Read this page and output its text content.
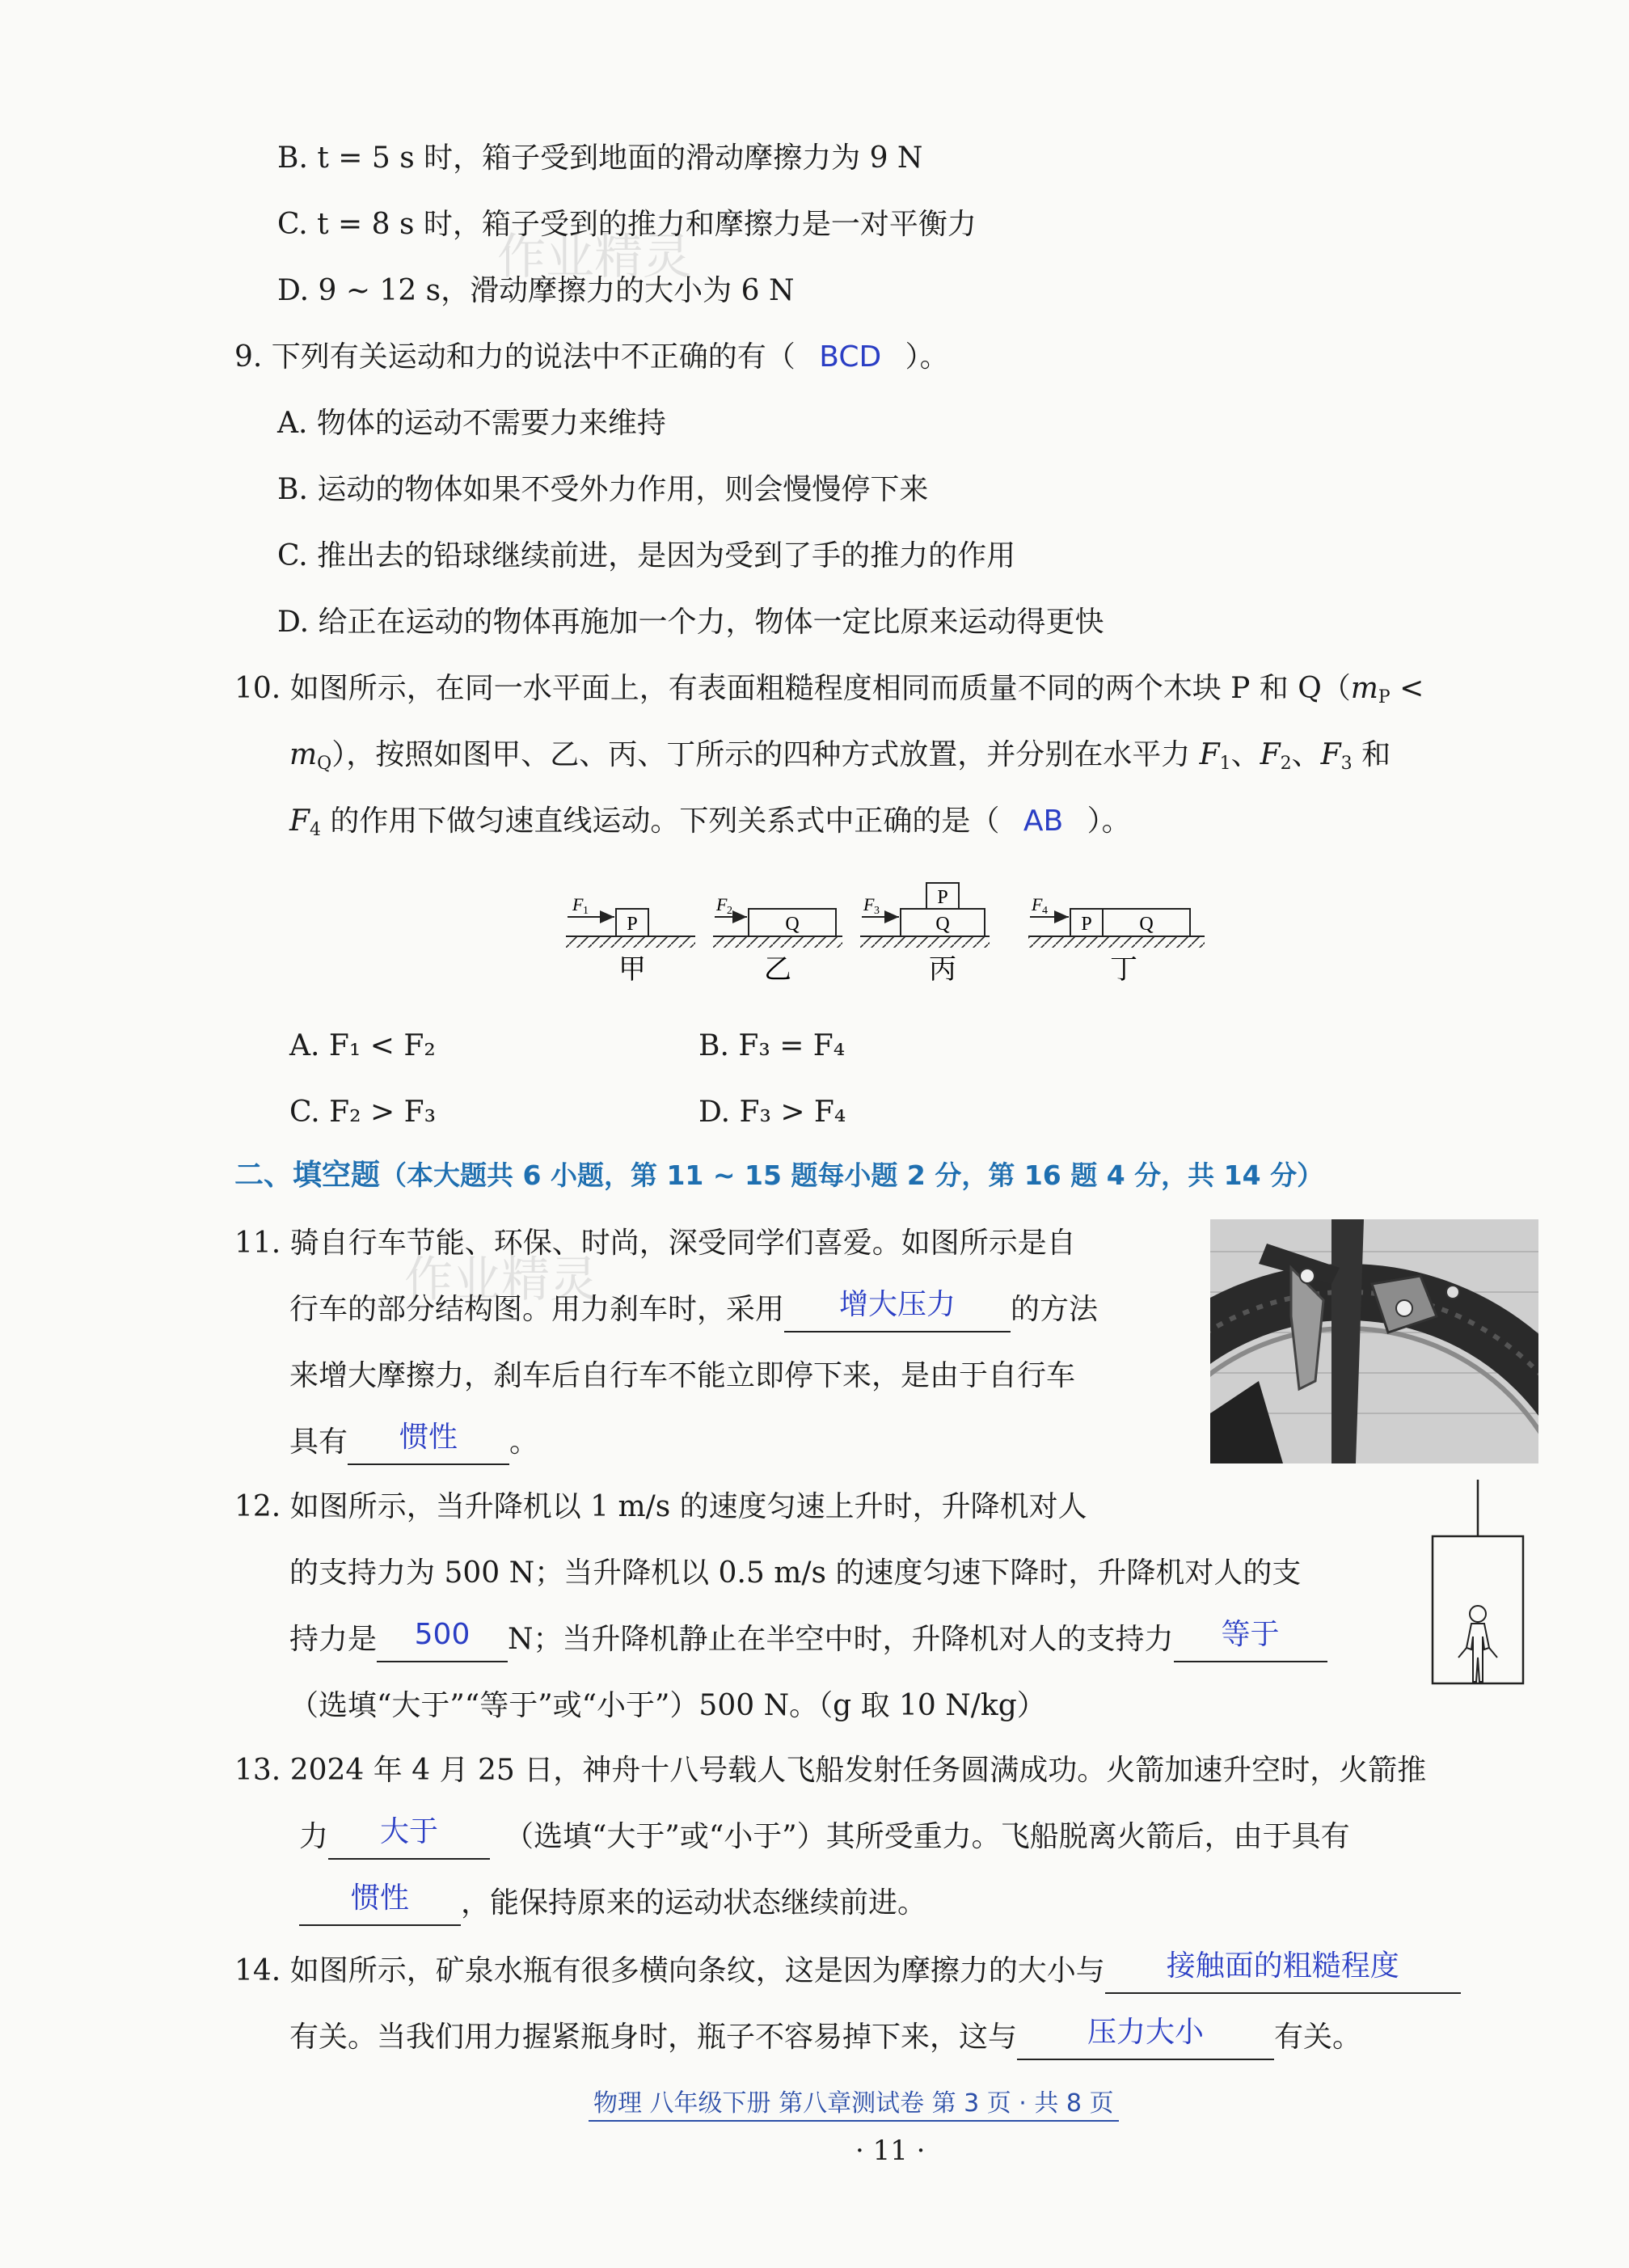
作业精灵
作业精灵
B. t = 5 s 时，箱子受到地面的滑动摩擦力为 9 N
C. t = 8 s 时，箱子受到的推力和摩擦力是一对平衡力
D. 9 ~ 12 s，滑动摩擦力的大小为 6 N
9. 下列有关运动和力的说法中不正确的有（ BCD ）。
A. 物体的运动不需要力来维持
B. 运动的物体如果不受外力作用，则会慢慢停下来
C. 推出去的铅球继续前进，是因为受到了手的推力的作用
D. 给正在运动的物体再施加一个力，物体一定比原来运动得更快
10. 如图所示，在同一水平面上，有表面粗糙程度相同而质量不同的两个木块 P 和 $Q(m_P$ <
$m_Q$），按照如图甲、乙、丙、丁所示的四种方式放置，并分别在水平力 $F_1$、$F_2$、$F_3$ 和
$F_4$ 的作用下做匀速直线运动。下列关系式中正确的是（ AB ）。
P
F 1
甲
Q
F 2
乙
Q
P
F 3
丙
P Q
F 4
丁
A. F₁ < F₂	B. F₃ = F₄
C. F₂ > F₃	D. F₃ > F₄
二、填空题（本大题共 6 小题，第 11 ~ 15 题每小题 2 分，第 16 题 4 分，共 14 分）
11. 骑自行车节能、环保、时尚，深受同学们喜爱。如图所示是自
行车的部分结构图。用力刹车时，采用 增大压力 的方法
来增大摩擦力，刹车后自行车不能立即停下来，是由于自行车
具有 惯性 。
12. 如图所示，当升降机以 1 m/s 的速度匀速上升时，升降机对人
的支持力为 500 N；当升降机以 0.5 m/s 的速度匀速下降时，升降机对人的支
持力是 500 N；当升降机静止在半空中时，升降机对人的支持力 等于
（选填“大于”“等于”或“小于”）500 N。（g 取 10 N/kg）
13. 2024 年 4 月 25 日，神舟十八号载人飞船发射任务圆满成功。火箭加速升空时，火箭推
力 大于 （选填“大于”或“小于”）其所受重力。飞船脱离火箭后，由于具有
惯性 ，能保持原来的运动状态继续前进。
14. 如图所示，矿泉水瓶有很多横向条纹，这是因为摩擦力的大小与 接触面的粗糙程度
有关。当我们用力握紧瓶身时，瓶子不容易掉下来，这与 压力大小 有关。
物理 八年级下册 第八章测试卷 第 3 页 · 共 8 页
· 11 ·
